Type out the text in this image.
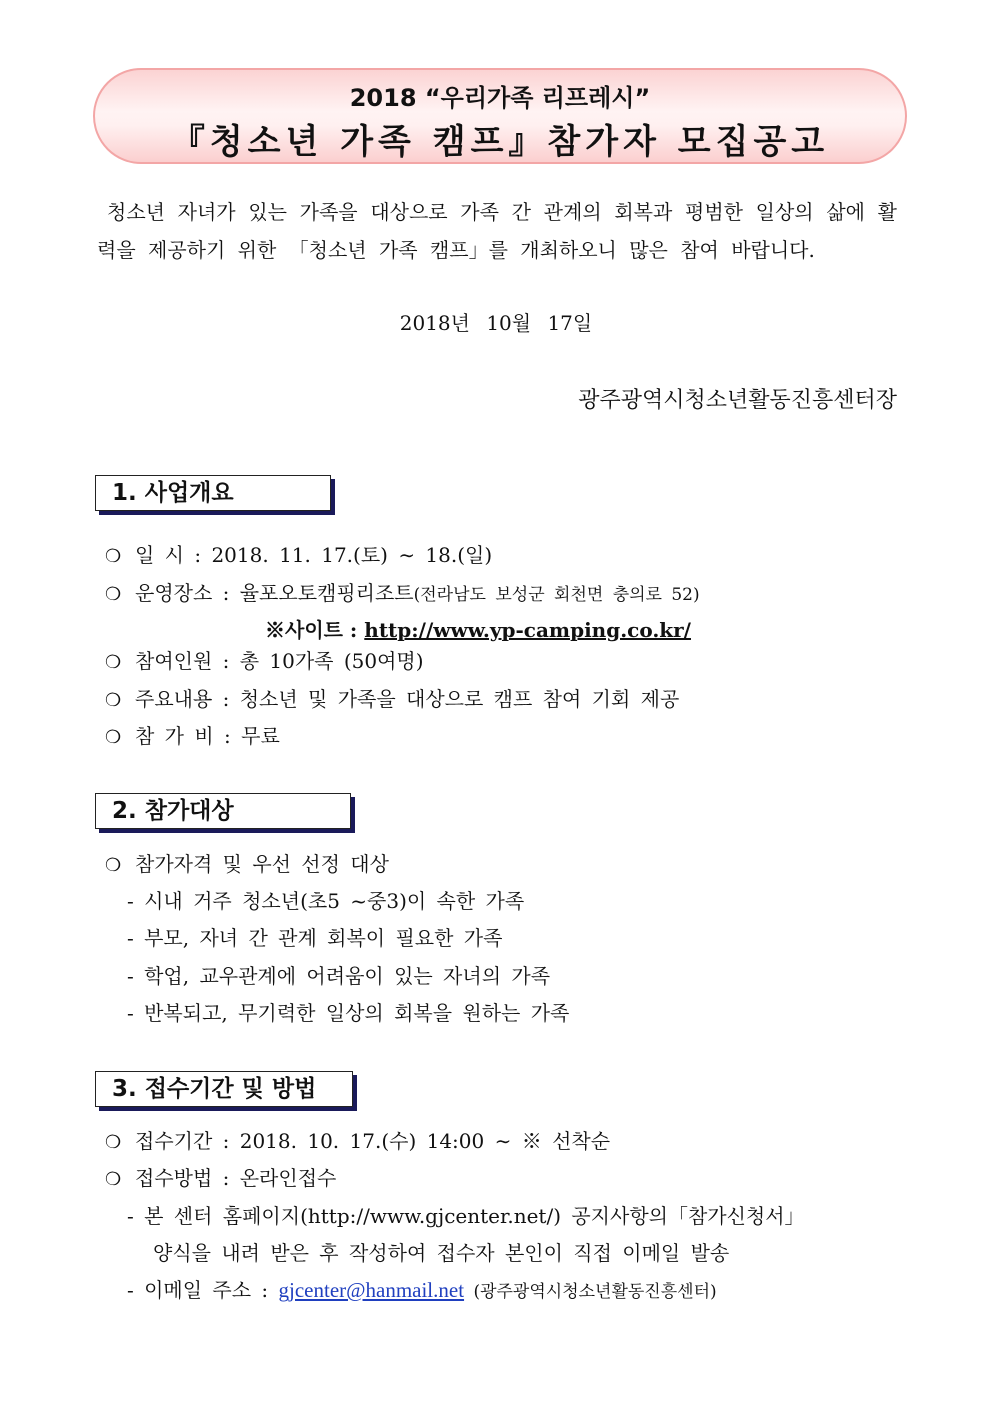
2018 “우리가족 리프레시”
『청소년 가족 캠프』참가자 모집공고
청소년 자녀가 있는 가족을 대상으로 가족 간 관계의 회복과 평범한 일상의 삶에 활력을 제공하기 위한 「청소년 가족 캠프」를 개최하오니 많은 참여 바랍니다.
2018년 10월 17일
광주광역시청소년활동진흥센터장
1. 사업개요
❍ 일 시 : 2018. 11. 17.(토) ∼ 18.(일)
❍ 운영장소 : 율포오토캠핑리조트(전라남도 보성군 회천면 충의로 52)
※사이트 : http://www.yp-camping.co.kr/
❍ 참여인원 : 총 10가족 (50여명)
❍ 주요내용 : 청소년 및 가족을 대상으로 캠프 참여 기회 제공
❍ 참 가 비 : 무료
2. 참가대상
❍ 참가자격 및 우선 선정 대상
- 시내 거주 청소년(초5 ~중3)이 속한 가족
- 부모, 자녀 간 관계 회복이 필요한 가족
- 학업, 교우관계에 어려움이 있는 자녀의 가족
- 반복되고, 무기력한 일상의 회복을 원하는 가족
3. 접수기간 및 방법
❍ 접수기간 : 2018. 10. 17.(수) 14:00 ∼ ※ 선착순
❍ 접수방법 : 온라인접수
- 본 센터 홈페이지(http://www.gjcenter.net/) 공지사항의「참가신청서」
양식을 내려 받은 후 작성하여 접수자 본인이 직접 이메일 발송
- 이메일 주소 : gjcenter@hanmail.net (광주광역시청소년활동진흥센터)
